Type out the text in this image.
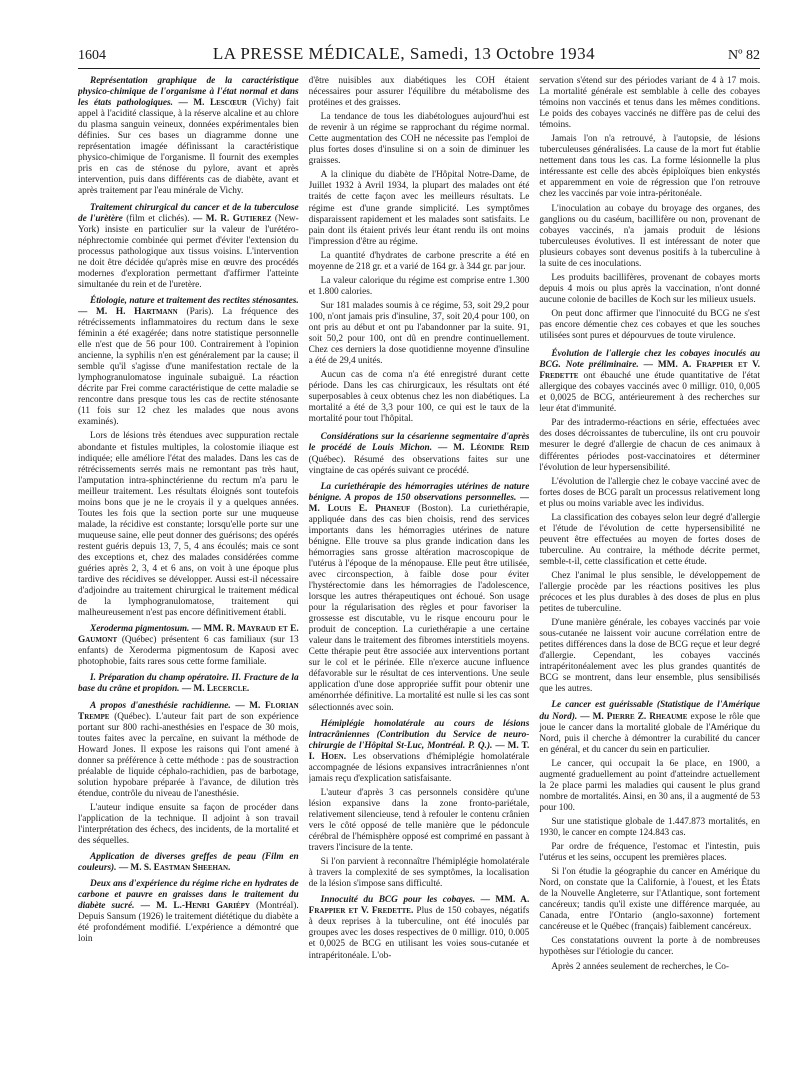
1604	LA PRESSE MÉDICALE, Samedi, 13 Octobre 1934	Nº 82

Représentation graphique de la caractéristique physico-chimique de l'organisme à l'état normal et dans les états pathologiques. — M. Lescœur (Vichy) fait appel à l'acidité classique, à la réserve alcaline et au chlore du plasma sanguin veineux, données expérimentales bien définies. Sur ces bases un diagramme donne une représentation imagée définissant la caractéristique physico-chimique de l'organisme. Il fournit des exemples pris en cas de sténose du pylore, avant et après intervention, puis dans différents cas de diabète, avant et après traitement par l'eau minérale de Vichy.

Traitement chirurgical du cancer et de la tuberculose de l'urètère (film et clichés). — M. R. Gutierez (New-York) insiste en particulier sur la valeur de l'urétéro-néphrectomie combinée qui permet d'éviter l'extension du processus pathologique aux tissus voisins. L'intervention ne doit être décidée qu'après mise en œuvre des procédés modernes d'exploration permettant d'affirmer l'atteinte simultanée du rein et de l'uretère.

Étiologie, nature et traitement des rectites sténosantes. — M. H. Hartmann (Paris). La fréquence des rétrécissements inflammatoires du rectum dans le sexe féminin a été exagérée; dans notre statistique personnelle elle n'est que de 56 pour 100. Contrairement à l'opinion ancienne, la syphilis n'en est généralement par la cause; il semble qu'il s'agisse d'une manifestation rectale de la lymphogranulomatose inguinale subaiguë. La réaction décrite par Frei comme caractéristique de cette maladie se rencontre dans presque tous les cas de rectite sténosante (11 fois sur 12 chez les malades que nous avons examinés).

Lors de lésions très étendues avec suppuration rectale abondante et fistules multiples, la colostomie iliaque est indiquée; elle améliore l'état des malades. Dans les cas de rétrécissements serrés mais ne remontant pas très haut, l'amputation intra-sphinctérienne du rectum m'a paru le meilleur traitement. Les résultats éloignés sont toutefois moins bons que je ne le croyais il y a quelques années. Toutes les fois que la section porte sur une muqueuse malade, la récidive est constante; lorsqu'elle porte sur une muqueuse saine, elle peut donner des guérisons; des opérés restent guéris depuis 13, 7, 5, 4 ans écoulés; mais ce sont des exceptions et, chez des malades considérées comme guéries après 2, 3, 4 et 6 ans, on voit à une époque plus tardive des récidives se développer. Aussi est-il nécessaire d'adjoindre au traitement chirurgical le traitement médical de la lymphogranulomatose, traitement qui malheureusement n'est pas encore définitivement établi.

Xeroderma pigmentosum. — MM. R. Mayraud et E. Gaumont (Québec) présentent 6 cas familiaux (sur 13 enfants) de Xeroderma pigmentosum de Kaposi avec photophobie, faits rares sous cette forme familiale.

I. Préparation du champ opératoire. II. Fracture de la base du crâne et propidon. — M. Lecercle.

A propos d'anesthésie rachidienne. — M. Florian Trempe (Québec). L'auteur fait part de son expérience portant sur 800 rachi-anesthésies en l'espace de 30 mois, toutes faites avec la percaïne, en suivant la méthode de Howard Jones. Il expose les raisons qui l'ont amené à donner sa préférence à cette méthode : pas de soustraction préalable de liquide céphalo-rachidien, pas de barbotage, solution hypobare préparée à l'avance, de dilution très étendue, contrôle du niveau de l'anesthésie.

L'auteur indique ensuite sa façon de procéder dans l'application de la technique. Il adjoint à son travail l'interprétation des échecs, des incidents, de la mortalité et des séquelles.

Application de diverses greffes de peau (Film en couleurs). — M. S. Eastman Sheehan.

Deux ans d'expérience du régime riche en hydrates de carbone et pauvre en graisses dans le traitement du diabète sucré. — M. L.-Henri Gariépy (Montréal). Depuis Sansum (1926) le traitement diététique du diabète a été profondément modifié. L'expérience a démontré que loin

d'être nuisibles aux diabétiques les COH étaient nécessaires pour assurer l'équilibre du métabolisme des protéines et des graisses.

La tendance de tous les diabétologues aujourd'hui est de revenir à un régime se rapprochant du régime normal. Cette augmentation des COH ne nécessite pas l'emploi de plus fortes doses d'insuline si on a soin de diminuer les graisses.

A la clinique du diabète de l'Hôpital Notre-Dame, de Juillet 1932 à Avril 1934, la plupart des malades ont été traités de cette façon avec les meilleurs résultats. Le régime est d'une grande simplicité. Les symptômes disparaissent rapidement et les malades sont satisfaits. Le pain dont ils étaient privés leur étant rendu ils ont moins l'impression d'être au régime.

La quantité d'hydrates de carbone prescrite a été en moyenne de 218 gr. et a varié de 164 gr. à 344 gr. par jour.

La valeur calorique du régime est comprise entre 1.300 et 1.800 calories.

Sur 181 malades soumis à ce régime, 53, soit 29,2 pour 100, n'ont jamais pris d'insuline, 37, soit 20,4 pour 100, on ont pris au début et ont pu l'abandonner par la suite. 91, soit 50,2 pour 100, ont dû en prendre continuellement. Chez ces derniers la dose quotidienne moyenne d'insuline a été de 29,4 unités.

Aucun cas de coma n'a été enregistré durant cette période. Dans les cas chirurgicaux, les résultats ont été superposables à ceux obtenus chez les non diabétiques. La mortalité a été de 3,3 pour 100, ce qui est le taux de la mortalité pour tout l'hôpital.

Considérations sur la césarienne segmentaire d'après le procédé de Louis Michon. — M. Léonide Reid (Québec). Résumé des observations faites sur une vingtaine de cas opérés suivant ce procédé.

La curiethérapie des hémorragies utérines de nature bénigne. A propos de 150 observations personnelles. — M. Louis E. Phaneuf (Boston). La curiethérapie, appliquée dans des cas bien choisis, rend des services importants dans les hémorragies utérines de nature bénigne. Elle trouve sa plus grande indication dans les hémorragies sans grosse altération macroscopique de l'utérus à l'époque de la ménopause. Elle peut être utilisée, avec circonspection, à faible dose pour éviter l'hystérectomie dans les hémorragies de l'adolescence, lorsque les autres thérapeutiques ont échoué. Son usage pour la régularisation des règles et pour favoriser la grossesse est discutable, vu le risque encouru pour le produit de conception. La curiethérapie a une certaine valeur dans le traitement des fibromes interstitiels moyens. Cette thérapie peut être associée aux interventions portant sur le col et le périnée. Elle n'exerce aucune influence défavorable sur le résultat de ces interventions. Une seule application d'une dose appropriée suffit pour obtenir une aménorrhée définitive. La mortalité est nulle si les cas sont sélectionnés avec soin.

Hémiplégie homolatérale au cours de lésions intracrâniennes (Contribution du Service de neuro-chirurgie de l'Hôpital St-Luc, Montréal. P. Q.). — M. T. I. Hoen. Les observations d'hémiplégie homolatérale accompagnée de lésions expansives intracrâniennes n'ont jamais reçu d'explication satisfaisante.

L'auteur d'après 3 cas personnels considère qu'une lésion expansive dans la zone fronto-pariétale, relativement silencieuse, tend à refouler le contenu crânien vers le côté opposé de telle manière que le pédoncule cérébral de l'hémisphère opposé est comprimé en passant à travers l'incisure de la tente.

Si l'on parvient à reconnaître l'hémiplégie homolatérale à travers la complexité de ses symptômes, la localisation de la lésion s'impose sans difficulté.

Innocuité du BCG pour les cobayes. — MM. A. Frappier et V. Fredette. Plus de 150 cobayes, négatifs à deux reprises à la tuberculine, ont été inoculés par groupes avec les doses respectives de 0 milligr. 010, 0.005 et 0,0025 de BCG en utilisant les voies sous-cutanée et intrapéritonéale. L'ob-

servation s'étend sur des périodes variant de 4 à 17 mois. La mortalité générale est semblable à celle des cobayes témoins non vaccinés et tenus dans les mêmes conditions. Le poids des cobayes vaccinés ne diffère pas de celui des témoins.

Jamais l'on n'a retrouvé, à l'autopsie, de lésions tuberculeuses généralisées. La cause de la mort fut établie nettement dans tous les cas. La forme lésionnelle la plus intéressante est celle des abcès épiploïques bien enkystés et apparemment en voie de régression que l'on retrouve chez les vaccinés par voie intra-péritonéale.

L'inoculation au cobaye du broyage des organes, des ganglions ou du caséum, bacillifère ou non, provenant de cobayes vaccinés, n'a jamais produit de lésions tuberculeuses évolutives. Il est intéressant de noter que plusieurs cobayes sont devenus positifs à la tuberculine à la suite de ces inoculations.

Les produits bacillifères, provenant de cobayes morts depuis 4 mois ou plus après la vaccination, n'ont donné aucune colonie de bacilles de Koch sur les milieux usuels.

On peut donc affirmer que l'innocuité du BCG ne s'est pas encore démentie chez ces cobayes et que les souches utilisées sont pures et dépourvues de toute virulence.

Évolution de l'allergie chez les cobayes inoculés au BCG. Note préliminaire. — MM. A. Frappier et V. Fredette ont ébauché une étude quantitative de l'état allergique des cobayes vaccinés avec 0 milligr. 010, 0,005 et 0,0025 de BCG, antérieurement à des recherches sur leur état d'immunité.

Par des intradermo-réactions en série, effectuées avec des doses décroissantes de tuberculine, ils ont cru pouvoir mesurer le degré d'allergie de chacun de ces animaux à différentes périodes post-vaccinatoires et déterminer l'évolution de leur hypersensibilité.

L'évolution de l'allergie chez le cobaye vacciné avec de fortes doses de BCG paraît un processus relativement long et plus ou moins variable avec les individus.

La classification des cobayes selon leur degré d'allergie et l'étude de l'évolution de cette hypersensibilité ne peuvent être effectuées au moyen de fortes doses de tuberculine. Au contraire, la méthode décrite permet, semble-t-il, cette classification et cette étude.

Chez l'animal le plus sensible, le développement de l'allergie procède par les réactions positives les plus précoces et les plus durables à des doses de plus en plus petites de tuberculine.

D'une manière générale, les cobayes vaccinés par voie sous-cutanée ne laissent voir aucune corrélation entre de petites différences dans la dose de BCG reçue et leur degré d'allergie. Cependant, les cobayes vaccinés intrapéritonéalement avec les plus grandes quantités de BCG se montrent, dans leur ensemble, plus sensibilisés que les autres.

Le cancer est guérissable (Statistique de l'Amérique du Nord). — M. Pierre Z. Rheaume expose le rôle que joue le cancer dans la mortalité globale de l'Amérique du Nord, puis il cherche à démontrer la curabilité du cancer en général, et du cancer du sein en particulier.

Le cancer, qui occupait la 6e place, en 1900, a augmenté graduellement au point d'atteindre actuellement la 2e place parmi les maladies qui causent le plus grand nombre de mortalités. Ainsi, en 30 ans, il a augmenté de 53 pour 100.

Sur une statistique globale de 1.447.873 mortalités, en 1930, le cancer en compte 124.843 cas.

Par ordre de fréquence, l'estomac et l'intestin, puis l'utérus et les seins, occupent les premières places.

Si l'on étudie la géographie du cancer en Amérique du Nord, on constate que la Californie, à l'ouest, et les États de la Nouvelle Angleterre, sur l'Atlantique, sont fortement cancéreux; tandis qu'il existe une différence marquée, au Canada, entre l'Ontario (anglo-saxonne) fortement cancéreuse et le Québec (français) faiblement cancéreux.

Ces constatations ouvrent la porte à de nombreuses hypothèses sur l'étiologie du cancer.

Après 2 années seulement de recherches, le Co-
